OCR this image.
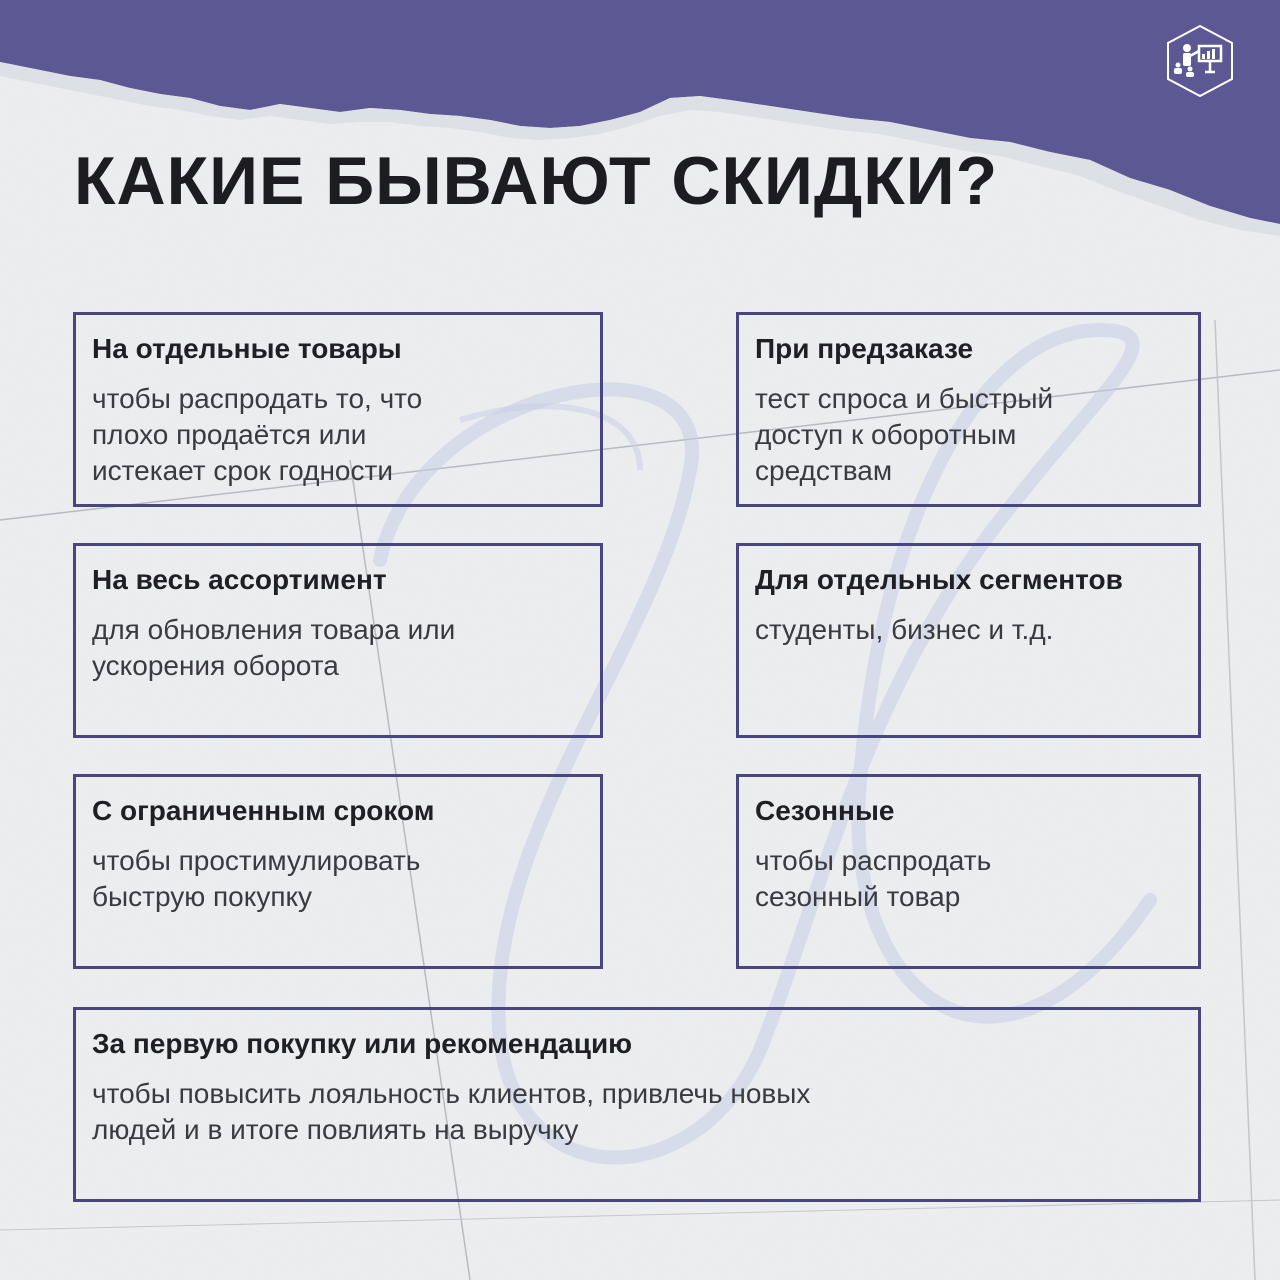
КАКИЕ БЫВАЮТ СКИДКИ?

На отдельные товары

чтобы распродать то, что
плохо продаётся или
истекает срок годности

При предзаказе

тест спроса и быстрый
доступ к оборотным
средствам

На весь ассортимент

для обновления товара или
ускорения оборота

Для отдельных сегментов

студенты, бизнес и т.д.

С ограниченным сроком

чтобы простимулировать
быструю покупку

Сезонные

чтобы распродать
сезонный товар

За первую покупку или рекомендацию

чтобы повысить лояльность клиентов, привлечь новых
людей и в итоге повлиять на выручку
